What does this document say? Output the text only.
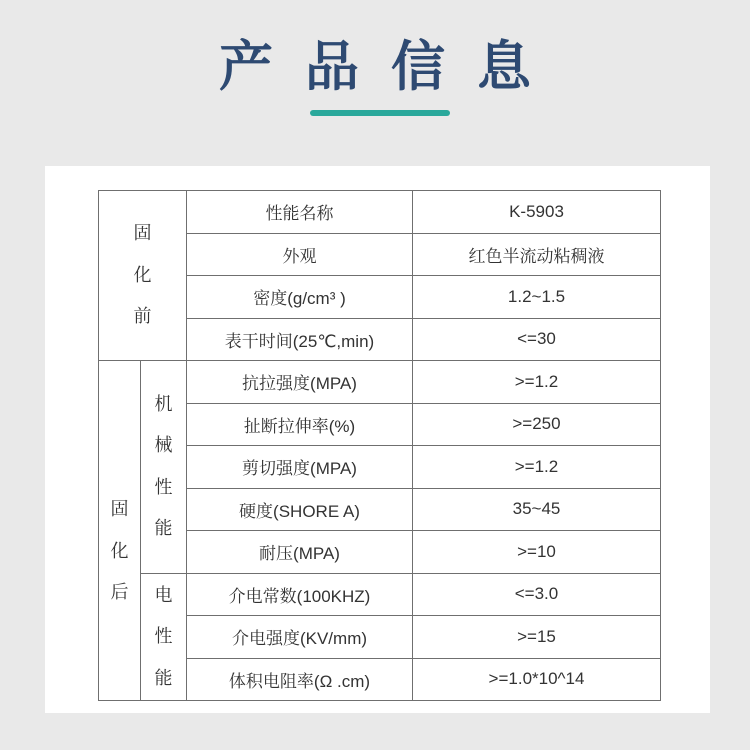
产品信息
固化前		性能名称	K-5903
		外观	红色半流动粘稠液
		密度(g/cm³ )	1.2~1.5
		表干时间(25℃,min)	<=30

固化后	机械性能	抗拉强度(MPA)	>=1.2
		扯断拉伸率(%)	>=250
		剪切强度(MPA)	>=1.2
		硬度(SHORE A)	35~45
		耐压(MPA)	>=10

	电性能	介电常数(100KHZ)	<=3.0
		介电强度(KV/mm)	>=15
		体积电阻率(Ω .cm)	>=1.0*10^14
